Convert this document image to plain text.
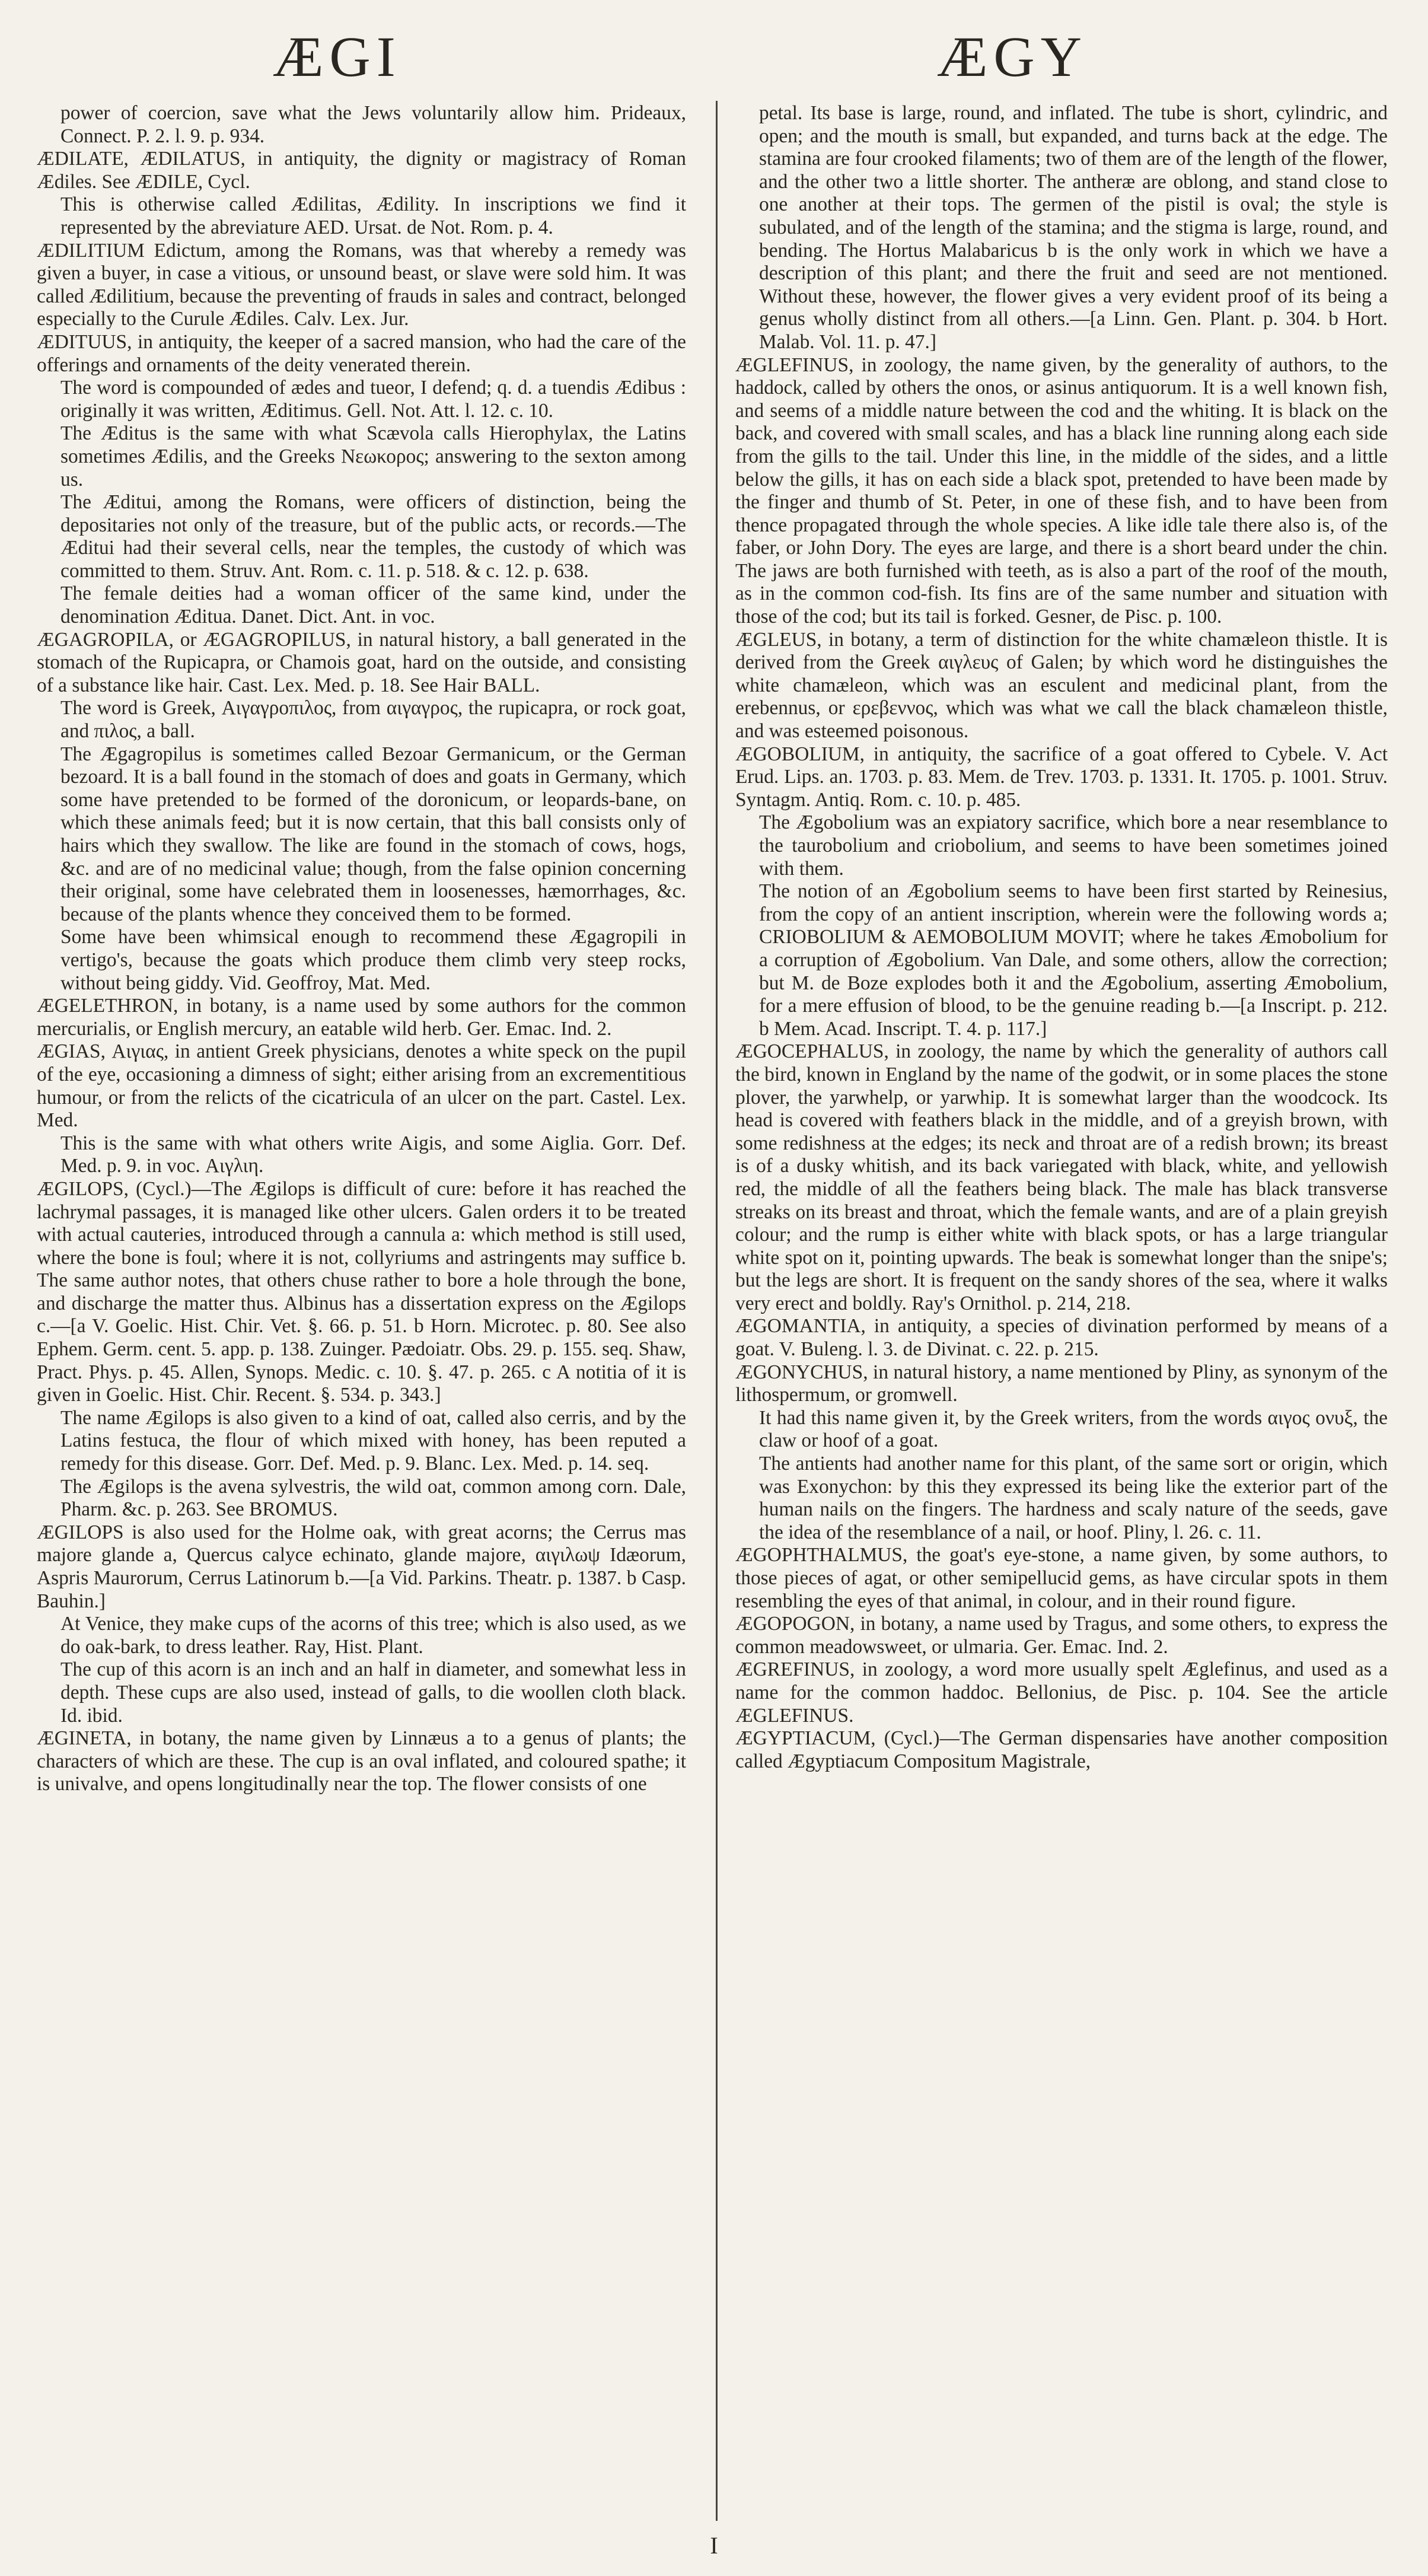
ÆGI	ÆGY

power of coercion, save what the Jews voluntarily allow him. Prideaux, Connect. P. 2. l. 9. p. 934.

ÆDILATE, ÆDILATUS, in antiquity, the dignity or magistracy of Roman Ædiles. See ÆDILE, Cycl.

This is otherwise called Ædilitas, Ædility. In inscriptions we find it represented by the abreviature AED. Ursat. de Not. Rom. p. 4.

ÆDILITIUM Edictum, among the Romans, was that whereby a remedy was given a buyer, in case a vitious, or unsound beast, or slave were sold him. It was called Ædilitium, because the preventing of frauds in sales and contract, belonged especially to the Curule Ædiles. Calv. Lex. Jur.

ÆDITUUS, in antiquity, the keeper of a sacred mansion, who had the care of the offerings and ornaments of the deity venerated therein.

The word is compounded of ædes and tueor, I defend; q. d. a tuendis Ædibus : originally it was written, Æditimus. Gell. Not. Att. l. 12. c. 10.

The Æditus is the same with what Scævola calls Hierophylax, the Latins sometimes Ædilis, and the Greeks Νεωκορος; answering to the sexton among us.

The Æditui, among the Romans, were officers of distinction, being the depositaries not only of the treasure, but of the public acts, or records.—The Æditui had their several cells, near the temples, the custody of which was committed to them. Struv. Ant. Rom. c. 11. p. 518. & c. 12. p. 638.

The female deities had a woman officer of the same kind, under the denomination Æditua. Danet. Dict. Ant. in voc.

ÆGAGROPILA, or ÆGAGROPILUS, in natural history, a ball generated in the stomach of the Rupicapra, or Chamois goat, hard on the outside, and consisting of a substance like hair. Cast. Lex. Med. p. 18. See Hair BALL.

The word is Greek, Αιγαγροπιλος, from αιγαγρος, the rupicapra, or rock goat, and πιλος, a ball.

The Ægagropilus is sometimes called Bezoar Germanicum, or the German bezoard. It is a ball found in the stomach of does and goats in Germany, which some have pretended to be formed of the doronicum, or leopards-bane, on which these animals feed; but it is now certain, that this ball consists only of hairs which they swallow. The like are found in the stomach of cows, hogs, &c. and are of no medicinal value; though, from the false opinion concerning their original, some have celebrated them in loosenesses, hæmorrhages, &c. because of the plants whence they conceived them to be formed.

Some have been whimsical enough to recommend these Ægagropili in vertigo's, because the goats which produce them climb very steep rocks, without being giddy. Vid. Geoffroy, Mat. Med.

ÆGELETHRON, in botany, is a name used by some authors for the common mercurialis, or English mercury, an eatable wild herb. Ger. Emac. Ind. 2.

ÆGIAS, Αιγιας, in antient Greek physicians, denotes a white speck on the pupil of the eye, occasioning a dimness of sight; either arising from an excrementitious humour, or from the relicts of the cicatricula of an ulcer on the part. Castel. Lex. Med.

This is the same with what others write Aigis, and some Aiglia. Gorr. Def. Med. p. 9. in voc. Αιγλιη.

ÆGILOPS, (Cycl.)—The Ægilops is difficult of cure: before it has reached the lachrymal passages, it is managed like other ulcers. Galen orders it to be treated with actual cauteries, introduced through a cannula a: which method is still used, where the bone is foul; where it is not, collyriums and astringents may suffice b. The same author notes, that others chuse rather to bore a hole through the bone, and discharge the matter thus. Albinus has a dissertation express on the Ægilops c.—[a V. Goelic. Hist. Chir. Vet. §. 66. p. 51. b Horn. Microtec. p. 80. See also Ephem. Germ. cent. 5. app. p. 138. Zuinger. Pædoiatr. Obs. 29. p. 155. seq. Shaw, Pract. Phys. p. 45. Allen, Synops. Medic. c. 10. §. 47. p. 265. c A notitia of it is given in Goelic. Hist. Chir. Recent. §. 534. p. 343.]

The name Ægilops is also given to a kind of oat, called also cerris, and by the Latins festuca, the flour of which mixed with honey, has been reputed a remedy for this disease. Gorr. Def. Med. p. 9. Blanc. Lex. Med. p. 14. seq.

The Ægilops is the avena sylvestris, the wild oat, common among corn. Dale, Pharm. &c. p. 263. See BROMUS.

ÆGILOPS is also used for the Holme oak, with great acorns; the Cerrus mas majore glande a, Quercus calyce echinato, glande majore, αιγιλωψ Idæorum, Aspris Maurorum, Cerrus Latinorum b.—[a Vid. Parkins. Theatr. p. 1387. b Casp. Bauhin.]

At Venice, they make cups of the acorns of this tree; which is also used, as we do oak-bark, to dress leather. Ray, Hist. Plant.

The cup of this acorn is an inch and an half in diameter, and somewhat less in depth. These cups are also used, instead of galls, to die woollen cloth black. Id. ibid.

ÆGINETA, in botany, the name given by Linnæus a to a genus of plants; the characters of which are these. The cup is an oval inflated, and coloured spathe; it is univalve, and opens longitudinally near the top. The flower consists of one

petal. Its base is large, round, and inflated. The tube is short, cylindric, and open; and the mouth is small, but expanded, and turns back at the edge. The stamina are four crooked filaments; two of them are of the length of the flower, and the other two a little shorter. The antheræ are oblong, and stand close to one another at their tops. The germen of the pistil is oval; the style is subulated, and of the length of the stamina; and the stigma is large, round, and bending. The Hortus Malabaricus b is the only work in which we have a description of this plant; and there the fruit and seed are not mentioned. Without these, however, the flower gives a very evident proof of its being a genus wholly distinct from all others.—[a Linn. Gen. Plant. p. 304. b Hort. Malab. Vol. 11. p. 47.]

ÆGLEFINUS, in zoology, the name given, by the generality of authors, to the haddock, called by others the onos, or asinus antiquorum. It is a well known fish, and seems of a middle nature between the cod and the whiting. It is black on the back, and covered with small scales, and has a black line running along each side from the gills to the tail. Under this line, in the middle of the sides, and a little below the gills, it has on each side a black spot, pretended to have been made by the finger and thumb of St. Peter, in one of these fish, and to have been from thence propagated through the whole species. A like idle tale there also is, of the faber, or John Dory. The eyes are large, and there is a short beard under the chin. The jaws are both furnished with teeth, as is also a part of the roof of the mouth, as in the common cod-fish. Its fins are of the same number and situation with those of the cod; but its tail is forked. Gesner, de Pisc. p. 100.

ÆGLEUS, in botany, a term of distinction for the white chamæleon thistle. It is derived from the Greek αιγλευς of Galen; by which word he distinguishes the white chamæleon, which was an esculent and medicinal plant, from the erebennus, or ερεβεννος, which was what we call the black chamæleon thistle, and was esteemed poisonous.

ÆGOBOLIUM, in antiquity, the sacrifice of a goat offered to Cybele. V. Act Erud. Lips. an. 1703. p. 83. Mem. de Trev. 1703. p. 1331. It. 1705. p. 1001. Struv. Syntagm. Antiq. Rom. c. 10. p. 485.

The Ægobolium was an expiatory sacrifice, which bore a near resemblance to the taurobolium and criobolium, and seems to have been sometimes joined with them.

The notion of an Ægobolium seems to have been first started by Reinesius, from the copy of an antient inscription, wherein were the following words a; CRIOBOLIUM & AEMOBOLIUM MOVIT; where he takes Æmobolium for a corruption of Ægobolium. Van Dale, and some others, allow the correction; but M. de Boze explodes both it and the Ægobolium, asserting Æmobolium, for a mere effusion of blood, to be the genuine reading b.—[a Inscript. p. 212. b Mem. Acad. Inscript. T. 4. p. 117.]

ÆGOCEPHALUS, in zoology, the name by which the generality of authors call the bird, known in England by the name of the godwit, or in some places the stone plover, the yarwhelp, or yarwhip. It is somewhat larger than the woodcock. Its head is covered with feathers black in the middle, and of a greyish brown, with some redishness at the edges; its neck and throat are of a redish brown; its breast is of a dusky whitish, and its back variegated with black, white, and yellowish red, the middle of all the feathers being black. The male has black transverse streaks on its breast and throat, which the female wants, and are of a plain greyish colour; and the rump is either white with black spots, or has a large triangular white spot on it, pointing upwards. The beak is somewhat longer than the snipe's; but the legs are short. It is frequent on the sandy shores of the sea, where it walks very erect and boldly. Ray's Ornithol. p. 214, 218.

ÆGOMANTIA, in antiquity, a species of divination performed by means of a goat. V. Buleng. l. 3. de Divinat. c. 22. p. 215.

ÆGONYCHUS, in natural history, a name mentioned by Pliny, as synonym of the lithospermum, or gromwell.

It had this name given it, by the Greek writers, from the words αιγος ονυξ, the claw or hoof of a goat.

The antients had another name for this plant, of the same sort or origin, which was Exonychon: by this they expressed its being like the exterior part of the human nails on the fingers. The hardness and scaly nature of the seeds, gave the idea of the resemblance of a nail, or hoof. Pliny, l. 26. c. 11.

ÆGOPHTHALMUS, the goat's eye-stone, a name given, by some authors, to those pieces of agat, or other semipellucid gems, as have circular spots in them resembling the eyes of that animal, in colour, and in their round figure.

ÆGOPOGON, in botany, a name used by Tragus, and some others, to express the common meadowsweet, or ulmaria. Ger. Emac. Ind. 2.

ÆGREFINUS, in zoology, a word more usually spelt Æglefinus, and used as a name for the common haddoc. Bellonius, de Pisc. p. 104. See the article ÆGLEFINUS.

ÆGYPTIACUM, (Cycl.)—The German dispensaries have another composition called Ægyptiacum Compositum Magistrale,

I
